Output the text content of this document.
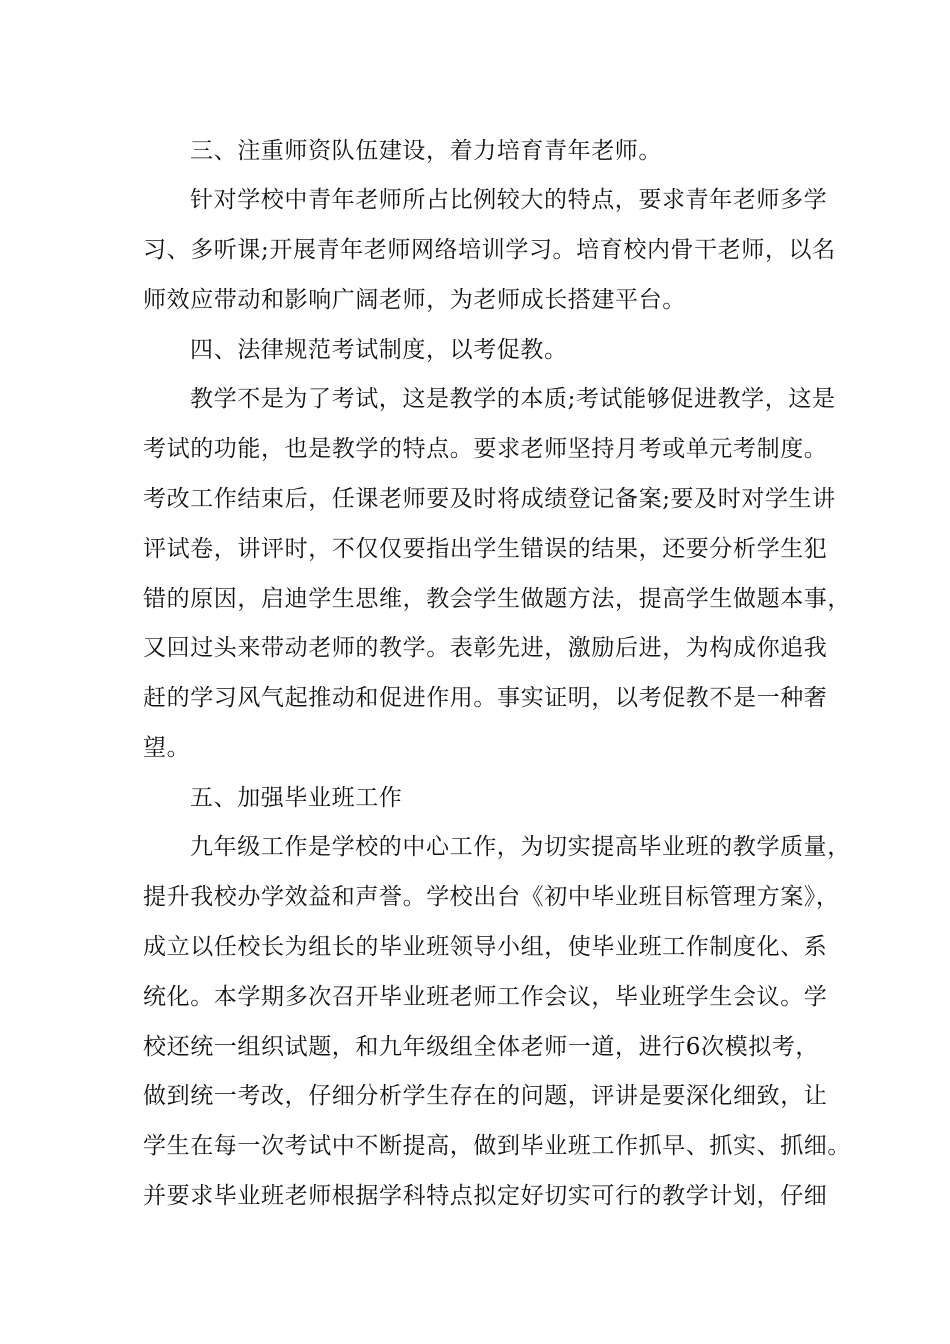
三、注重师资队伍建设，着力培育青年老师。
针对学校中青年老师所占比例较大的特点，要求青年老师多学
习、多听课;开展青年老师网络培训学习。培育校内骨干老师，以名
师效应带动和影响广阔老师，为老师成长搭建平台。
四、法律规范考试制度，以考促教。
教学不是为了考试，这是教学的本质;考试能够促进教学，这是
考试的功能，也是教学的特点。要求老师坚持月考或单元考制度。
考改工作结束后，任课老师要及时将成绩登记备案;要及时对学生讲
评试卷，讲评时，不仅仅要指出学生错误的结果，还要分析学生犯
错的原因，启迪学生思维，教会学生做题方法，提高学生做题本事，
又回过头来带动老师的教学。表彰先进，激励后进，为构成你追我
赶的学习风气起推动和促进作用。事实证明，以考促教不是一种奢
望。
五、加强毕业班工作
九年级工作是学校的中心工作，为切实提高毕业班的教学质量，
提升我校办学效益和声誉。学校出台《初中毕业班目标管理方案》，
成立以任校长为组长的毕业班领导小组，使毕业班工作制度化、系
统化。本学期多次召开毕业班老师工作会议，毕业班学生会议。学
校还统一组织试题，和九年级组全体老师一道，进行6次模拟考，
做到统一考改，仔细分析学生存在的问题，评讲是要深化细致，让
学生在每一次考试中不断提高，做到毕业班工作抓早、抓实、抓细。
并要求毕业班老师根据学科特点拟定好切实可行的教学计划，仔细
